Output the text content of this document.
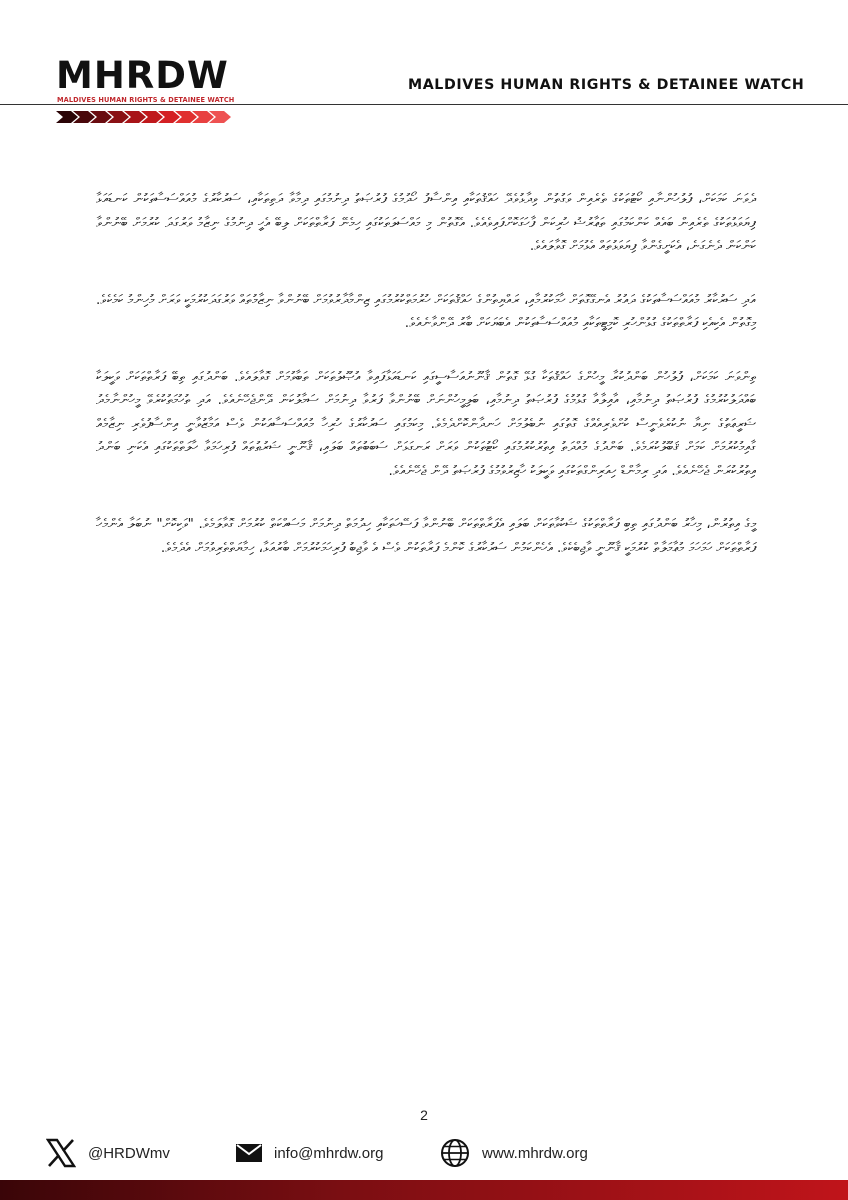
MHRDW
MALDIVES HUMAN RIGHTS & DETAINEE WATCH
MALDIVES HUMAN RIGHTS & DETAINEE WATCH

ދެވަނަ ކަމަކަށް، ފުލުހުންނާއި ކޯޓުތަކުގެ ތެރެއިން ވަގުތުން ވިދާޅުވެދޭ ހައްޤުތަކާއި އިންސާފު ހޯދުމުގެ ފުރުޞަތު ދިނުމުގައި ދިމާވާ ދަތިތަކާއި، ސަރުކާރުގެ މުއައްސަސާތަކުން ކަނޑައަޅާ ފިޔަވަޅުތަކުގެ ތެރެއިން ބައެއް ކަންކަމުގައި ތަޢާރުޟު ހުރިކަން ފާހަގަކޮށްފައިވެއެވެ. އެގޮތުން މި މައްސަލަތަކުގައި ހިމެނޭ ފަރާތްތަކަށް ލިބޭ އެހީ ދިނުމުގެ ނިޒާމު ވަރުގަދަ ކުރުމަށް ބޭނުންވާ ކަންކަން ދެނެގަނެ، އެކަށީގެންވާ ފިޔަވަޅުތައް އެޅުމަށް ގޮވާލައެވެ.

އަދި ސަރުކާރު މުއައްސަސާތަކުގެ ދައުރު އެނގޭގޮތަށް ހާމަކުރުމާއި، ރައްޔިތުންގެ ހައްޤުތަކަށް ހުރުމަތްކުރުމުގައި ޒިންމާދާރުވުމަށް ބޭނުންވާ ނިޒާމުތައް ވަރުގަދަކުރުމަކީ ވަރަށް މުހިންމު ކަމެކެވެ. މިގޮތުން އެކިއެކި ފަރާތްތަކުގެ ގުޅުންހުރި ކޮމިޓީތަކާއި މުއައްސަސާތަކުން އެބަޔަކަށް ބާރު ދޭންވާނެއެވެ.

ތިންވަނަ ކަމަކަށް، ފުލުހުން ބަންދުކުރާ މީހުންގެ ހައްޤުތަކާ ގުޅޭ ގޮތުން ޤާނޫނުއަސާސީގައި ކަނޑައަޅާފައިވާ އުޞޫލުތަކަށް ތަބާވުމަށް ގޮވާލައެވެ. ބަންދުގައި ތިބޭ ފަރާތްތަކަށް ވަކީލަކާ ބައްދަލުކުރުމުގެ ފުރުޞަތު ދިނުމާއި، އާއިލާއާ ގުޅުމުގެ ފުރުޞަތު ދިނުމާއި، ބަލިމީހުންނަށް ބޭނުންވާ ފަރުވާ ދިނުމަށް ސަމާލުކަން ދޭންޖެހޭނެއެވެ. އަދި ތުހުމަތުކުރެވޭ މީހުންނާމެދު ޝަރީޢަތުގެ ނިޔާ ނުކުރެވެނީސް ކުށްވެރިއެއްގެ ގޮތުގައި ނުބެލުމަށް ހަނދާންކޮށްދެމެވެ. މިކަމުގައި ސަރުކާރުގެ ހުރިހާ މުއައްސަސާއަކުން ވެސް އަމާޒުވާނީ އިންސާފުވެރި ނިޒާމެއް ގާއިމުކުރުމަށް ކަމަށް ޤަބޫލުކުރަމެވެ. ބަންދުގެ މުއްދަތު އިތުރުކުރުމުގައި ކޯޓުތަކުން ވަރަށް ރަނގަޅަށް ސަބަބުތައް ބަލައި، ޤާނޫނީ ޝަރުޠުތައް ފުރިހަމަވާ ހާލަތްތަކުގައި އެކަނި ބަންދު އިތުރުކުރަން ޖެހޭނެއެވެ. އަދި ރިމާންޑް ހިއަރިންގްތަކުގައި ވަކީލަކު ހާޒިރުވުމުގެ ފުރުޞަތު ދޭން ޖެހޭނެއެވެ.

މީގެ އިތުރުން، މިހާރު ބަންދުގައި ތިބި ފަރާތްތަކުގެ ޝަކުވާތަކަށް ބަލައި އެފަރާތްތަކަށް ބޭނުންވާ ފަސޭހަތަކާއި ހިދުމަތް ދިނުމަށް މަސައްކަތް ކުރުމަށް ގޮވާލަމެވެ. "ވަކިކޮށް" ނުބަލާ އެންމެހާ ފަރާތްތަކަށް ހަމަހަމަ މުޢާމަލާތް ކުރުމަކީ ޤާނޫނީ ވާޖިބެކެވެ. އެހެންކަމުން ސަރުކާރުގެ ކޮންމެ ފަރާތަކުން ވެސް އެ ވާޖިބު ފުރިހަމަކުރުމަށް ބާރުއަޅާ، ހިމާޔަތްތެރިވުމަށް އެދެމެވެ.

2
@HRDWmv	info@mhrdw.org	www.mhrdw.org
